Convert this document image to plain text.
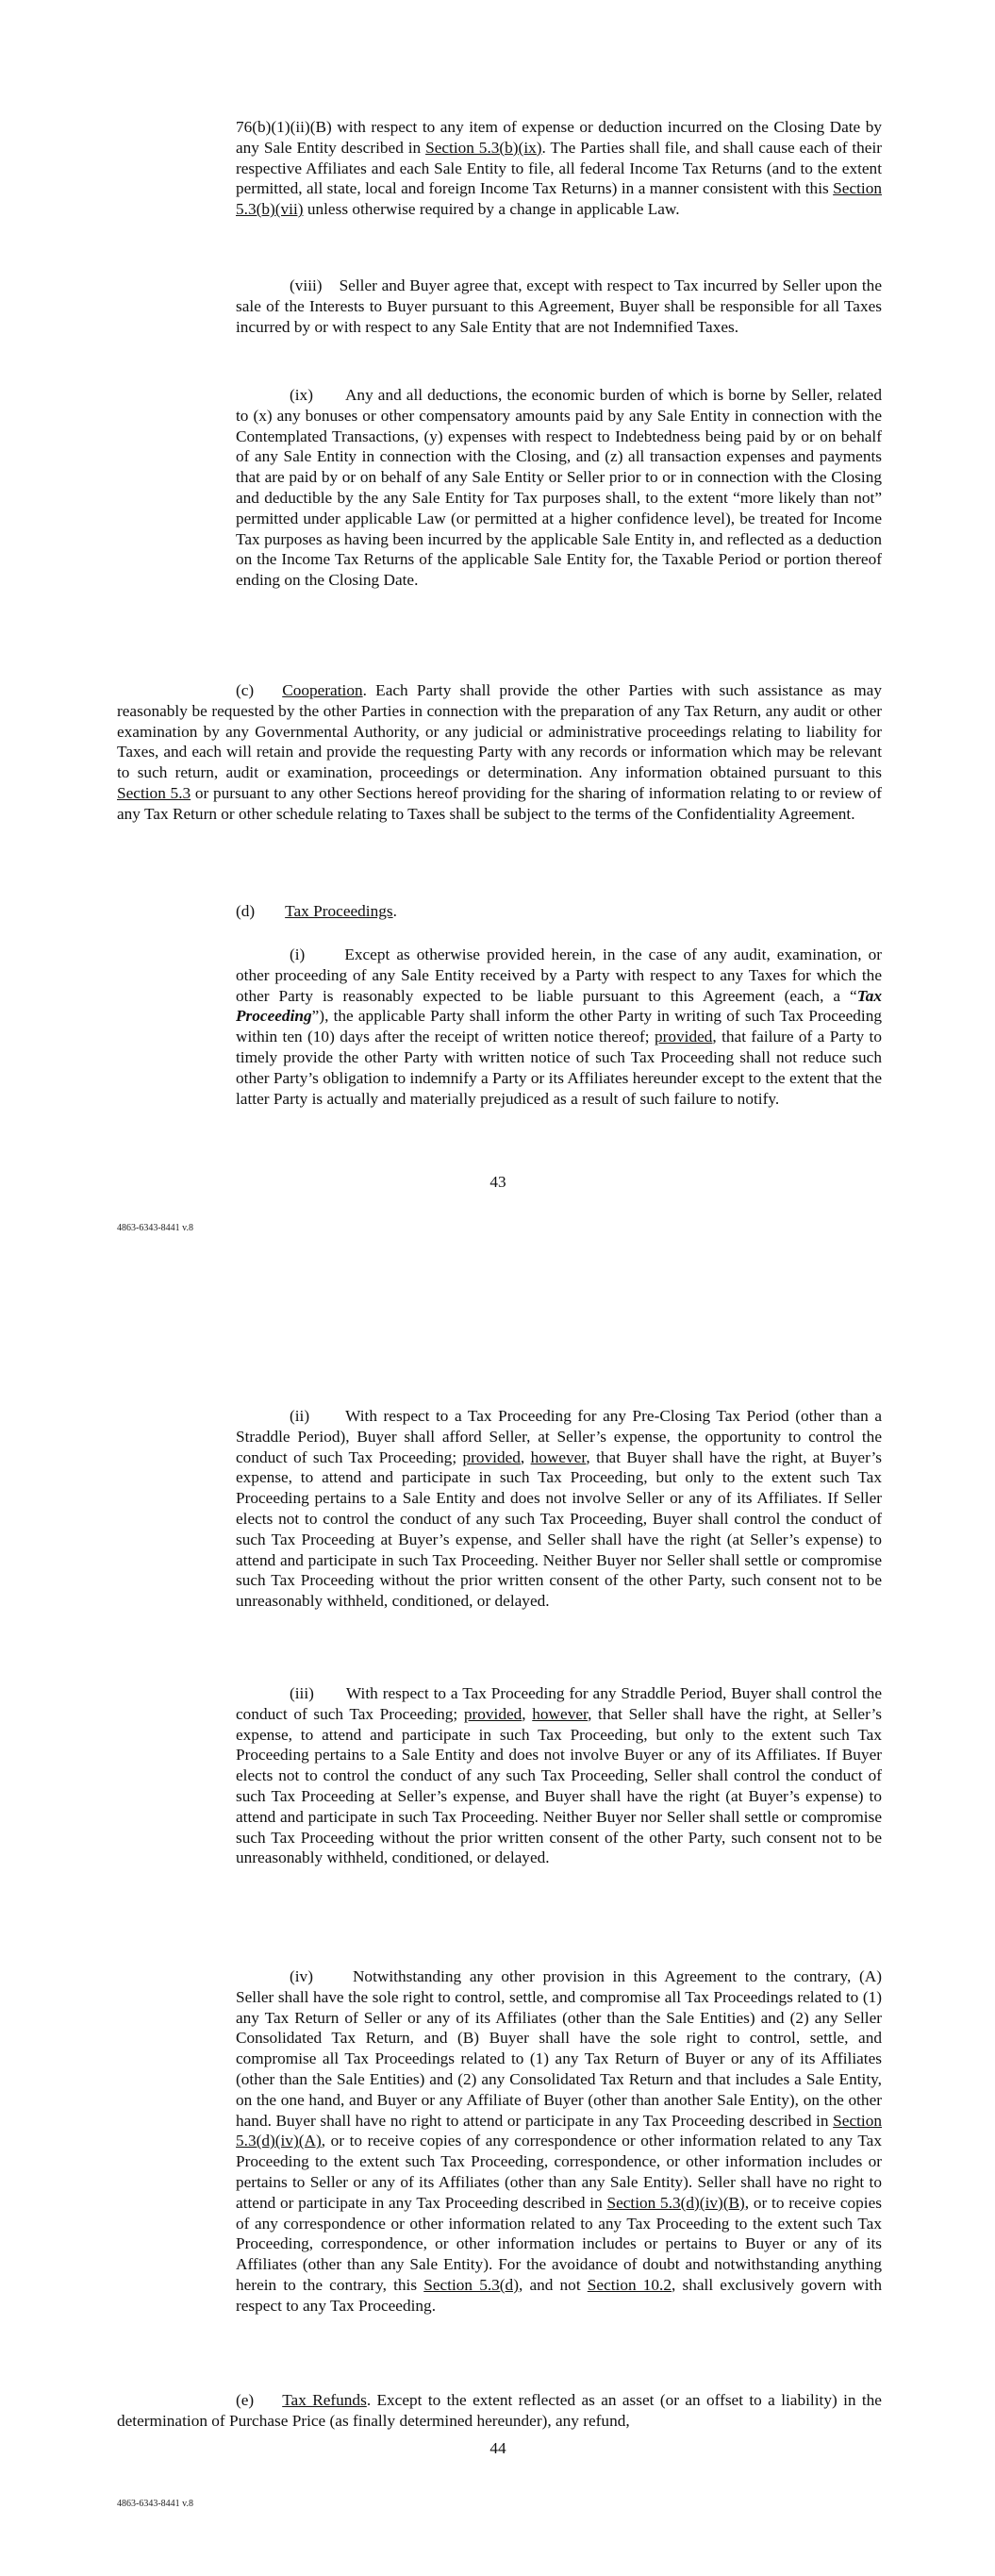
76(b)(1)(ii)(B) with respect to any item of expense or deduction incurred on the Closing Date by any Sale Entity described in Section 5.3(b)(ix). The Parties shall file, and shall cause each of their respective Affiliates and each Sale Entity to file, all federal Income Tax Returns (and to the extent permitted, all state, local and foreign Income Tax Returns) in a manner consistent with this Section 5.3(b)(vii) unless otherwise required by a change in applicable Law.

(viii) Seller and Buyer agree that, except with respect to Tax incurred by Seller upon the sale of the Interests to Buyer pursuant to this Agreement, Buyer shall be responsible for all Taxes incurred by or with respect to any Sale Entity that are not Indemnified Taxes.

(ix) Any and all deductions, the economic burden of which is borne by Seller, related to (x) any bonuses or other compensatory amounts paid by any Sale Entity in connection with the Contemplated Transactions, (y) expenses with respect to Indebtedness being paid by or on behalf of any Sale Entity in connection with the Closing, and (z) all transaction expenses and payments that are paid by or on behalf of any Sale Entity or Seller prior to or in connection with the Closing and deductible by the any Sale Entity for Tax purposes shall, to the extent “more likely than not” permitted under applicable Law (or permitted at a higher confidence level), be treated for Income Tax purposes as having been incurred by the applicable Sale Entity in, and reflected as a deduction on the Income Tax Returns of the applicable Sale Entity for, the Taxable Period or portion thereof ending on the Closing Date.

(c) Cooperation. Each Party shall provide the other Parties with such assistance as may reasonably be requested by the other Parties in connection with the preparation of any Tax Return, any audit or other examination by any Governmental Authority, or any judicial or administrative proceedings relating to liability for Taxes, and each will retain and provide the requesting Party with any records or information which may be relevant to such return, audit or examination, proceedings or determination. Any information obtained pursuant to this Section 5.3 or pursuant to any other Sections hereof providing for the sharing of information relating to or review of any Tax Return or other schedule relating to Taxes shall be subject to the terms of the Confidentiality Agreement.

(d) Tax Proceedings.

(i) Except as otherwise provided herein, in the case of any audit, examination, or other proceeding of any Sale Entity received by a Party with respect to any Taxes for which the other Party is reasonably expected to be liable pursuant to this Agreement (each, a “Tax Proceeding”), the applicable Party shall inform the other Party in writing of such Tax Proceeding within ten (10) days after the receipt of written notice thereof; provided, that failure of a Party to timely provide the other Party with written notice of such Tax Proceeding shall not reduce such other Party’s obligation to indemnify a Party or its Affiliates hereunder except to the extent that the latter Party is actually and materially prejudiced as a result of such failure to notify.

43
4863-6343-8441 v.8

(ii) With respect to a Tax Proceeding for any Pre-Closing Tax Period (other than a Straddle Period), Buyer shall afford Seller, at Seller’s expense, the opportunity to control the conduct of such Tax Proceeding; provided, however, that Buyer shall have the right, at Buyer’s expense, to attend and participate in such Tax Proceeding, but only to the extent such Tax Proceeding pertains to a Sale Entity and does not involve Seller or any of its Affiliates. If Seller elects not to control the conduct of any such Tax Proceeding, Buyer shall control the conduct of such Tax Proceeding at Buyer’s expense, and Seller shall have the right (at Seller’s expense) to attend and participate in such Tax Proceeding. Neither Buyer nor Seller shall settle or compromise such Tax Proceeding without the prior written consent of the other Party, such consent not to be unreasonably withheld, conditioned, or delayed.

(iii) With respect to a Tax Proceeding for any Straddle Period, Buyer shall control the conduct of such Tax Proceeding; provided, however, that Seller shall have the right, at Seller’s expense, to attend and participate in such Tax Proceeding, but only to the extent such Tax Proceeding pertains to a Sale Entity and does not involve Buyer or any of its Affiliates. If Buyer elects not to control the conduct of any such Tax Proceeding, Seller shall control the conduct of such Tax Proceeding at Seller’s expense, and Buyer shall have the right (at Buyer’s expense) to attend and participate in such Tax Proceeding. Neither Buyer nor Seller shall settle or compromise such Tax Proceeding without the prior written consent of the other Party, such consent not to be unreasonably withheld, conditioned, or delayed.

(iv) Notwithstanding any other provision in this Agreement to the contrary, (A) Seller shall have the sole right to control, settle, and compromise all Tax Proceedings related to (1) any Tax Return of Seller or any of its Affiliates (other than the Sale Entities) and (2) any Seller Consolidated Tax Return, and (B) Buyer shall have the sole right to control, settle, and compromise all Tax Proceedings related to (1) any Tax Return of Buyer or any of its Affiliates (other than the Sale Entities) and (2) any Consolidated Tax Return and that includes a Sale Entity, on the one hand, and Buyer or any Affiliate of Buyer (other than another Sale Entity), on the other hand. Buyer shall have no right to attend or participate in any Tax Proceeding described in Section 5.3(d)(iv)(A), or to receive copies of any correspondence or other information related to any Tax Proceeding to the extent such Tax Proceeding, correspondence, or other information includes or pertains to Seller or any of its Affiliates (other than any Sale Entity). Seller shall have no right to attend or participate in any Tax Proceeding described in Section 5.3(d)(iv)(B), or to receive copies of any correspondence or other information related to any Tax Proceeding to the extent such Tax Proceeding, correspondence, or other information includes or pertains to Buyer or any of its Affiliates (other than any Sale Entity). For the avoidance of doubt and notwithstanding anything herein to the contrary, this Section 5.3(d), and not Section 10.2, shall exclusively govern with respect to any Tax Proceeding.

(e) Tax Refunds. Except to the extent reflected as an asset (or an offset to a liability) in the determination of Purchase Price (as finally determined hereunder), any refund,

44
4863-6343-8441 v.8
